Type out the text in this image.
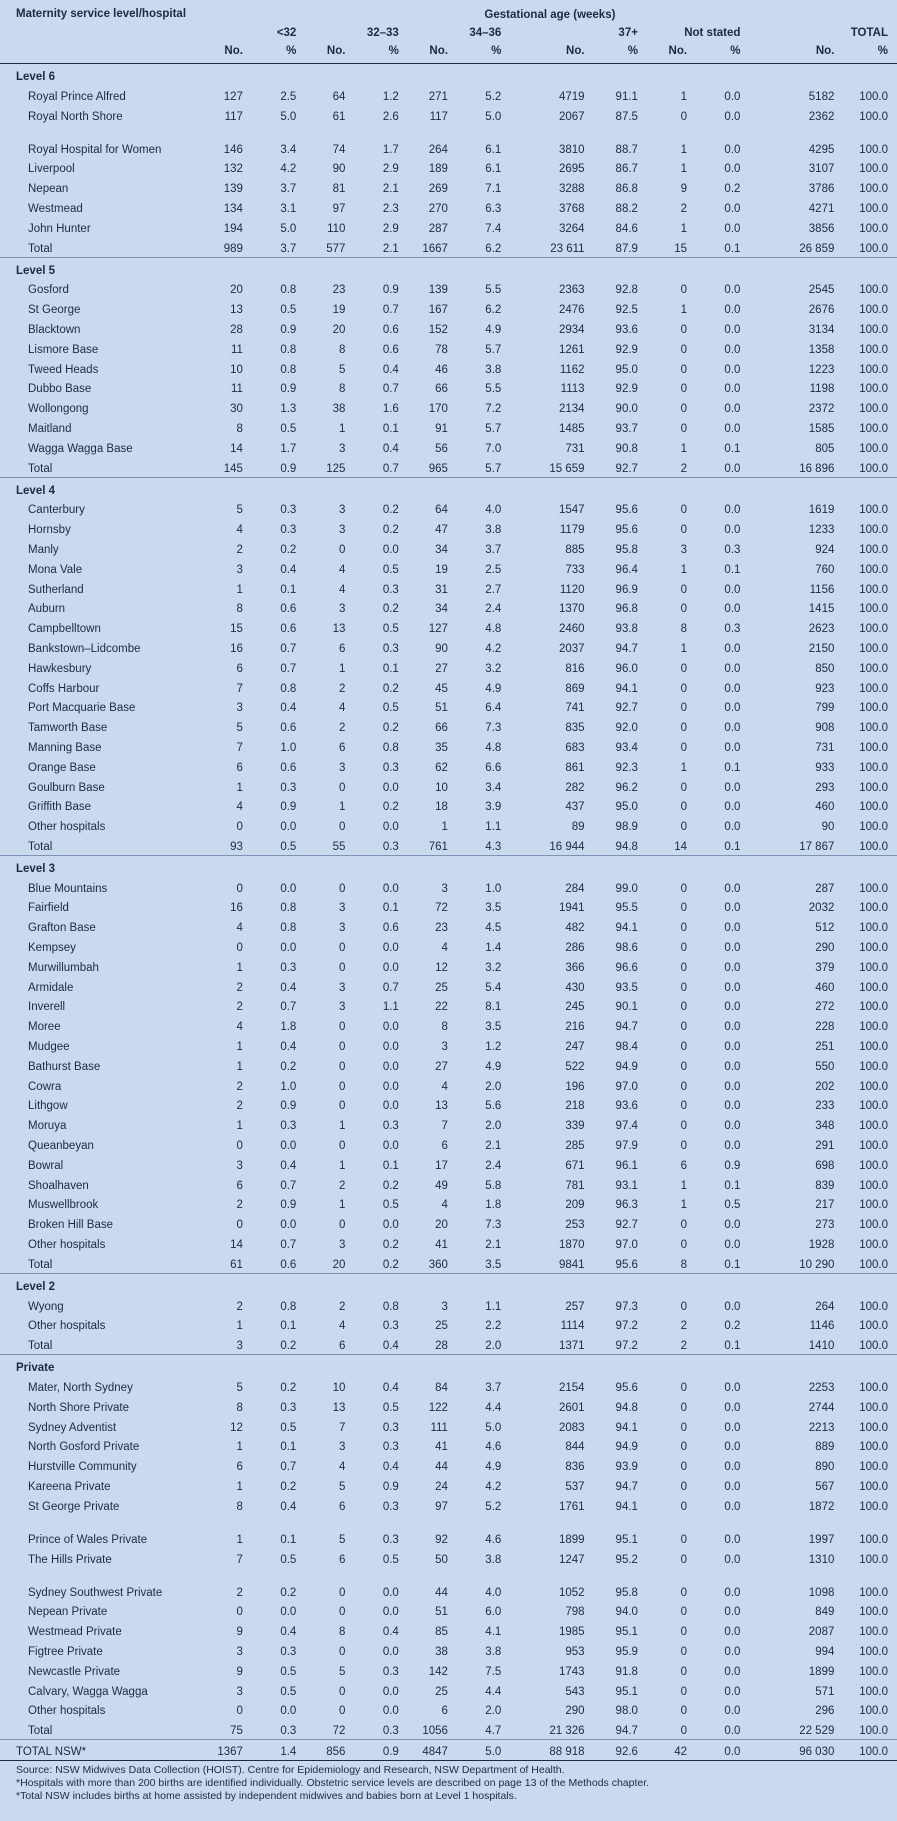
Maternity service level/hospital	Gestational age (weeks)											
	<32		32–33		34–36		37+		Not stated		TOTAL	
	No.	%	No.	%	No.	%	No.	%	No.	%	No.	%
Level 6												
Royal Prince Alfred	127	2.5	64	1.2	271	5.2	4719	91.1	1	0.0	5182	100.0
Royal North Shore	117	5.0	61	2.6	117	5.0	2067	87.5	0	0.0	2362	100.0
Royal Hospital for Women	146	3.4	74	1.7	264	6.1	3810	88.7	1	0.0	4295	100.0
Liverpool	132	4.2	90	2.9	189	6.1	2695	86.7	1	0.0	3107	100.0
Nepean	139	3.7	81	2.1	269	7.1	3288	86.8	9	0.2	3786	100.0
Westmead	134	3.1	97	2.3	270	6.3	3768	88.2	2	0.0	4271	100.0
John Hunter	194	5.0	110	2.9	287	7.4	3264	84.6	1	0.0	3856	100.0
Total	989	3.7	577	2.1	1667	6.2	23 611	87.9	15	0.1	26 859	100.0
Level 5												
Gosford	20	0.8	23	0.9	139	5.5	2363	92.8	0	0.0	2545	100.0
St George	13	0.5	19	0.7	167	6.2	2476	92.5	1	0.0	2676	100.0
Blacktown	28	0.9	20	0.6	152	4.9	2934	93.6	0	0.0	3134	100.0
Lismore Base	11	0.8	8	0.6	78	5.7	1261	92.9	0	0.0	1358	100.0
Tweed Heads	10	0.8	5	0.4	46	3.8	1162	95.0	0	0.0	1223	100.0
Dubbo Base	11	0.9	8	0.7	66	5.5	1113	92.9	0	0.0	1198	100.0
Wollongong	30	1.3	38	1.6	170	7.2	2134	90.0	0	0.0	2372	100.0
Maitland	8	0.5	1	0.1	91	5.7	1485	93.7	0	0.0	1585	100.0
Wagga Wagga Base	14	1.7	3	0.4	56	7.0	731	90.8	1	0.1	805	100.0
Total	145	0.9	125	0.7	965	5.7	15 659	92.7	2	0.0	16 896	100.0
Level 4												
Canterbury	5	0.3	3	0.2	64	4.0	1547	95.6	0	0.0	1619	100.0
Hornsby	4	0.3	3	0.2	47	3.8	1179	95.6	0	0.0	1233	100.0
Manly	2	0.2	0	0.0	34	3.7	885	95.8	3	0.3	924	100.0
Mona Vale	3	0.4	4	0.5	19	2.5	733	96.4	1	0.1	760	100.0
Sutherland	1	0.1	4	0.3	31	2.7	1120	96.9	0	0.0	1156	100.0
Auburn	8	0.6	3	0.2	34	2.4	1370	96.8	0	0.0	1415	100.0
Campbelltown	15	0.6	13	0.5	127	4.8	2460	93.8	8	0.3	2623	100.0
Bankstown–Lidcombe	16	0.7	6	0.3	90	4.2	2037	94.7	1	0.0	2150	100.0
Hawkesbury	6	0.7	1	0.1	27	3.2	816	96.0	0	0.0	850	100.0
Coffs Harbour	7	0.8	2	0.2	45	4.9	869	94.1	0	0.0	923	100.0
Port Macquarie Base	3	0.4	4	0.5	51	6.4	741	92.7	0	0.0	799	100.0
Tamworth Base	5	0.6	2	0.2	66	7.3	835	92.0	0	0.0	908	100.0
Manning Base	7	1.0	6	0.8	35	4.8	683	93.4	0	0.0	731	100.0
Orange Base	6	0.6	3	0.3	62	6.6	861	92.3	1	0.1	933	100.0
Goulburn Base	1	0.3	0	0.0	10	3.4	282	96.2	0	0.0	293	100.0
Griffith Base	4	0.9	1	0.2	18	3.9	437	95.0	0	0.0	460	100.0
Other hospitals	0	0.0	0	0.0	1	1.1	89	98.9	0	0.0	90	100.0
Total	93	0.5	55	0.3	761	4.3	16 944	94.8	14	0.1	17 867	100.0
Level 3												
Blue Mountains	0	0.0	0	0.0	3	1.0	284	99.0	0	0.0	287	100.0
Fairfield	16	0.8	3	0.1	72	3.5	1941	95.5	0	0.0	2032	100.0
Grafton Base	4	0.8	3	0.6	23	4.5	482	94.1	0	0.0	512	100.0
Kempsey	0	0.0	0	0.0	4	1.4	286	98.6	0	0.0	290	100.0
Murwillumbah	1	0.3	0	0.0	12	3.2	366	96.6	0	0.0	379	100.0
Armidale	2	0.4	3	0.7	25	5.4	430	93.5	0	0.0	460	100.0
Inverell	2	0.7	3	1.1	22	8.1	245	90.1	0	0.0	272	100.0
Moree	4	1.8	0	0.0	8	3.5	216	94.7	0	0.0	228	100.0
Mudgee	1	0.4	0	0.0	3	1.2	247	98.4	0	0.0	251	100.0
Bathurst Base	1	0.2	0	0.0	27	4.9	522	94.9	0	0.0	550	100.0
Cowra	2	1.0	0	0.0	4	2.0	196	97.0	0	0.0	202	100.0
Lithgow	2	0.9	0	0.0	13	5.6	218	93.6	0	0.0	233	100.0
Moruya	1	0.3	1	0.3	7	2.0	339	97.4	0	0.0	348	100.0
Queanbeyan	0	0.0	0	0.0	6	2.1	285	97.9	0	0.0	291	100.0
Bowral	3	0.4	1	0.1	17	2.4	671	96.1	6	0.9	698	100.0
Shoalhaven	6	0.7	2	0.2	49	5.8	781	93.1	1	0.1	839	100.0
Muswellbrook	2	0.9	1	0.5	4	1.8	209	96.3	1	0.5	217	100.0
Broken Hill Base	0	0.0	0	0.0	20	7.3	253	92.7	0	0.0	273	100.0
Other hospitals	14	0.7	3	0.2	41	2.1	1870	97.0	0	0.0	1928	100.0
Total	61	0.6	20	0.2	360	3.5	9841	95.6	8	0.1	10 290	100.0
Level 2												
Wyong	2	0.8	2	0.8	3	1.1	257	97.3	0	0.0	264	100.0
Other hospitals	1	0.1	4	0.3	25	2.2	1114	97.2	2	0.2	1146	100.0
Total	3	0.2	6	0.4	28	2.0	1371	97.2	2	0.1	1410	100.0
Private												
Mater, North Sydney	5	0.2	10	0.4	84	3.7	2154	95.6	0	0.0	2253	100.0
North Shore Private	8	0.3	13	0.5	122	4.4	2601	94.8	0	0.0	2744	100.0
Sydney Adventist	12	0.5	7	0.3	111	5.0	2083	94.1	0	0.0	2213	100.0
North Gosford Private	1	0.1	3	0.3	41	4.6	844	94.9	0	0.0	889	100.0
Hurstville Community	6	0.7	4	0.4	44	4.9	836	93.9	0	0.0	890	100.0
Kareena Private	1	0.2	5	0.9	24	4.2	537	94.7	0	0.0	567	100.0
St George Private	8	0.4	6	0.3	97	5.2	1761	94.1	0	0.0	1872	100.0
Prince of Wales Private	1	0.1	5	0.3	92	4.6	1899	95.1	0	0.0	1997	100.0
The Hills Private	7	0.5	6	0.5	50	3.8	1247	95.2	0	0.0	1310	100.0
Sydney Southwest Private	2	0.2	0	0.0	44	4.0	1052	95.8	0	0.0	1098	100.0
Nepean Private	0	0.0	0	0.0	51	6.0	798	94.0	0	0.0	849	100.0
Westmead Private	9	0.4	8	0.4	85	4.1	1985	95.1	0	0.0	2087	100.0
Figtree Private	3	0.3	0	0.0	38	3.8	953	95.9	0	0.0	994	100.0
Newcastle Private	9	0.5	5	0.3	142	7.5	1743	91.8	0	0.0	1899	100.0
Calvary, Wagga Wagga	3	0.5	0	0.0	25	4.4	543	95.1	0	0.0	571	100.0
Other hospitals	0	0.0	0	0.0	6	2.0	290	98.0	0	0.0	296	100.0
Total	75	0.3	72	0.3	1056	4.7	21 326	94.7	0	0.0	22 529	100.0
TOTAL NSW*	1367	1.4	856	0.9	4847	5.0	88 918	92.6	42	0.0	96 030	100.0
Source: NSW Midwives Data Collection (HOIST). Centre for Epidemiology and Research, NSW Department of Health.
*Hospitals with more than 200 births are identified individually. Obstetric service levels are described on page 13 of the Methods chapter.
*Total NSW includes births at home assisted by independent midwives and babies born at Level 1 hospitals.
